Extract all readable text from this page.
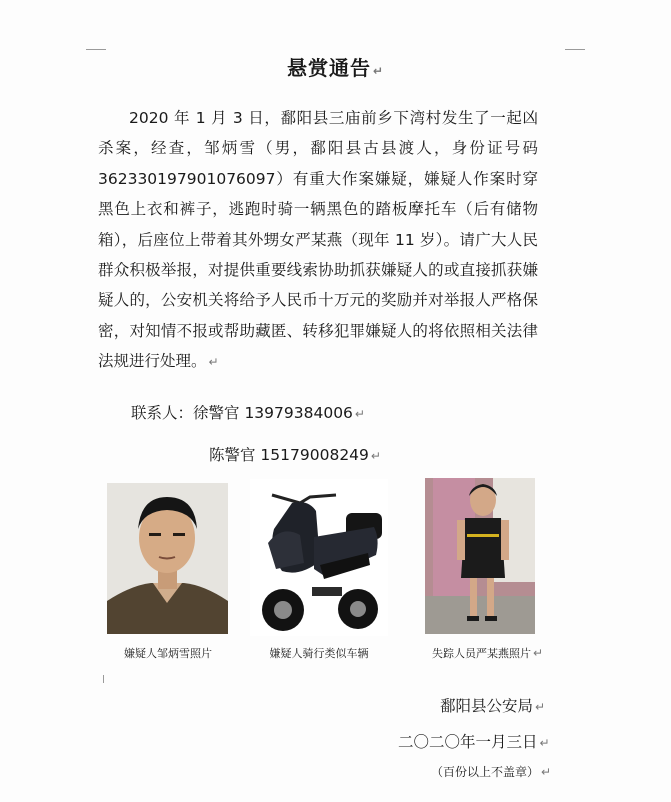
悬赏通告 ↵

2020 年 1 月 3 日，鄱阳县三庙前乡下湾村发生了一起凶杀案，经查，邹炳雪（男，鄱阳县古县渡人，身份证号码 362330197901076097）有重大作案嫌疑，嫌疑人作案时穿黑色上衣和裤子，逃跑时骑一辆黑色的踏板摩托车（后有储物箱），后座位上带着其外甥女严某燕（现年 11 岁）。请广大人民群众积极举报，对提供重要线索协助抓获嫌疑人的或直接抓获嫌疑人的，公安机关将给予人民币十万元的奖励并对举报人严格保密，对知情不报或帮助藏匿、转移犯罪嫌疑人的将依照相关法律法规进行处理。 ↵

联系人：徐警官 13979384006 ↵
陈警官 15179008249 ↵
嫌疑人邹炳雪照片	嫌疑人骑行类似车辆	失踪人员严某燕照片 ↵
鄱阳县公安局 ↵
二〇二〇年一月三日 ↵
（百份以上不盖章） ↵
